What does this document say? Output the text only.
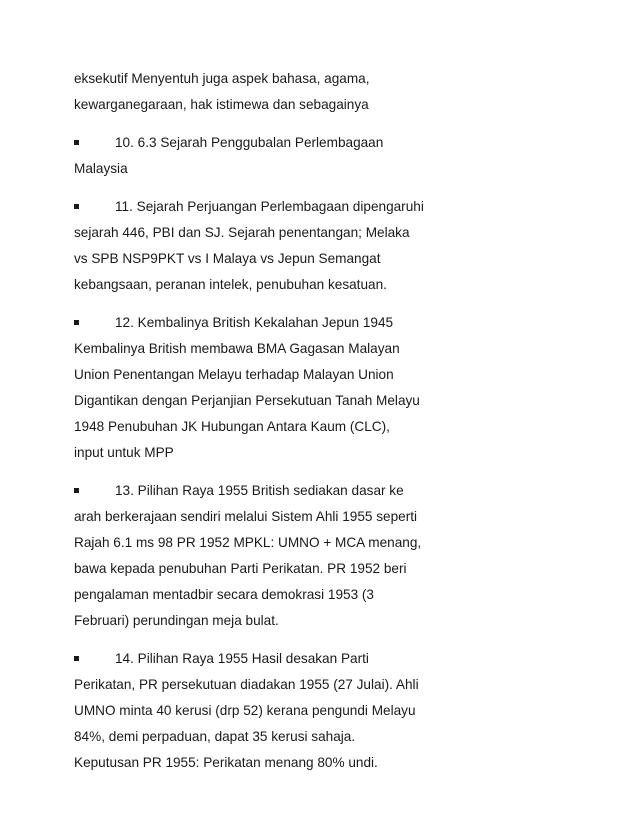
eksekutif Menyentuh juga aspek bahasa, agama,
kewarganegaraan, hak istimewa dan sebagainya

10. 6.3 Sejarah Penggubalan Perlembagaan
Malaysia

11. Sejarah Perjuangan Perlembagaan dipengaruhi
sejarah 446, PBI dan SJ. Sejarah penentangan; Melaka
vs SPB NSP9PKT vs I Malaya vs Jepun Semangat
kebangsaan, peranan intelek, penubuhan kesatuan.

12. Kembalinya British Kekalahan Jepun 1945
Kembalinya British membawa BMA Gagasan Malayan
Union Penentangan Melayu terhadap Malayan Union
Digantikan dengan Perjanjian Persekutuan Tanah Melayu
1948 Penubuhan JK Hubungan Antara Kaum (CLC),
input untuk MPP

13. Pilihan Raya 1955 British sediakan dasar ke
arah berkerajaan sendiri melalui Sistem Ahli 1955 seperti
Rajah 6.1 ms 98 PR 1952 MPKL: UMNO + MCA menang,
bawa kepada penubuhan Parti Perikatan. PR 1952 beri
pengalaman mentadbir secara demokrasi 1953 (3
Februari) perundingan meja bulat.

14. Pilihan Raya 1955 Hasil desakan Parti
Perikatan, PR persekutuan diadakan 1955 (27 Julai). Ahli
UMNO minta 40 kerusi (drp 52) kerana pengundi Melayu
84%, demi perpaduan, dapat 35 kerusi sahaja.
Keputusan PR 1955: Perikatan menang 80% undi.
